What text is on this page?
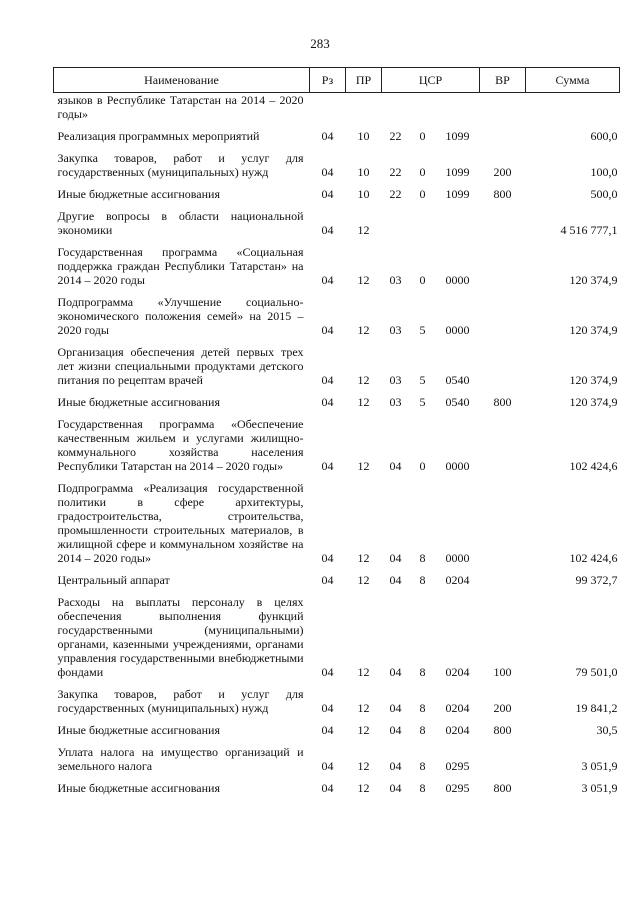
283
Наименование	Рз	ПР	ЦСР			ВР	Сумма
языков в Республике Татарстан на 2014 – 2020 годы»							
Реализация программных мероприятий	04	10	22	0	1099		600,0
Закупка товаров, работ и услуг для государственных (муниципальных) нужд	04	10	22	0	1099	200	100,0
Иные бюджетные ассигнования	04	10	22	0	1099	800	500,0
Другие вопросы в области национальной экономики	04	12					4 516 777,1
Государственная программа «Социальная поддержка граждан Республики Татарстан» на 2014 – 2020 годы	04	12	03	0	0000		120 374,9
Подпрограмма «Улучшение социально-экономического положения семей» на 2015 – 2020 годы	04	12	03	5	0000		120 374,9
Организация обеспечения детей первых трех лет жизни специальными продуктами детского питания по рецептам врачей	04	12	03	5	0540		120 374,9
Иные бюджетные ассигнования	04	12	03	5	0540	800	120 374,9
Государственная программа «Обеспечение качественным жильем и услугами жилищно-коммунального хозяйства населения Республики Татарстан на 2014 – 2020 годы»	04	12	04	0	0000		102 424,6
Подпрограмма «Реализация государственной политики в сфере архитектуры, градостроительства, строительства, промышленности строительных материалов, в жилищной сфере и коммунальном хозяйстве на 2014 – 2020 годы»	04	12	04	8	0000		102 424,6
Центральный аппарат	04	12	04	8	0204		99 372,7
Расходы на выплаты персоналу в целях обеспечения выполнения функций государственными (муниципальными) органами, казенными учреждениями, органами управления государственными внебюджетными фондами	04	12	04	8	0204	100	79 501,0
Закупка товаров, работ и услуг для государственных (муниципальных) нужд	04	12	04	8	0204	200	19 841,2
Иные бюджетные ассигнования	04	12	04	8	0204	800	30,5
Уплата налога на имущество организаций и земельного налога	04	12	04	8	0295		3 051,9
Иные бюджетные ассигнования	04	12	04	8	0295	800	3 051,9
